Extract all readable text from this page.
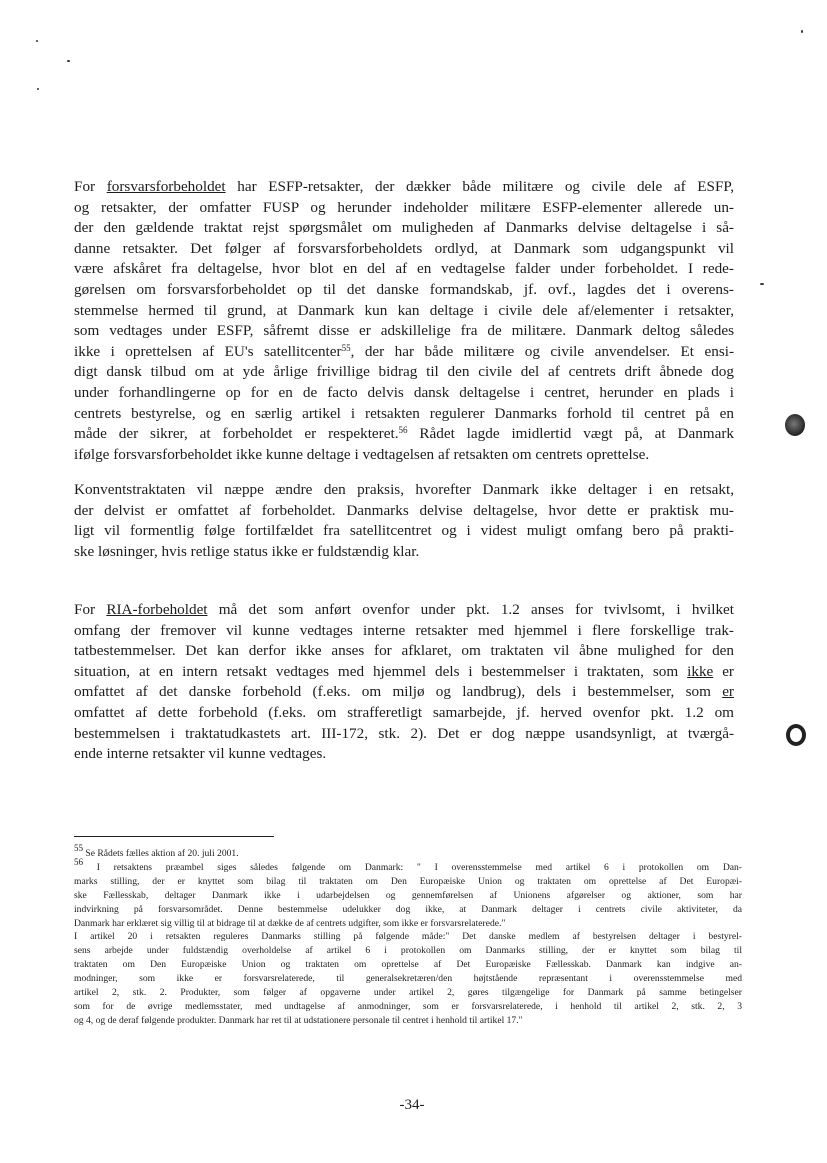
For forsvarsforbeholdet har ESFP-retsakter, der dækker både militære og civile dele af ESFP,
og retsakter, der omfatter FUSP og herunder indeholder militære ESFP-elementer allerede un-
der den gældende traktat rejst spørgsmålet om muligheden af Danmarks delvise deltagelse i så-
danne retsakter. Det følger af forsvarsforbeholdets ordlyd, at Danmark som udgangspunkt vil
være afskåret fra deltagelse, hvor blot en del af en vedtagelse falder under forbeholdet. I rede-
gørelsen om forsvarsforbeholdet op til det danske formandskab, jf. ovf., lagdes det i overens-
stemmelse hermed til grund, at Danmark kun kan deltage i civile dele af/elementer i retsakter,
som vedtages under ESFP, såfremt disse er adskillelige fra de militære. Danmark deltog således
ikke i oprettelsen af EU's satellitcenter$^{55}$, der har både militære og civile anvendelser. Et ensi-
digt dansk tilbud om at yde årlige frivillige bidrag til den civile del af centrets drift åbnede dog
under forhandlingerne op for en de facto delvis dansk deltagelse i centret, herunder en plads i
centrets bestyrelse, og en særlig artikel i retsakten regulerer Danmarks forhold til centret på en
måde der sikrer, at forbeholdet er respekteret.$^{56}$ Rådet lagde imidlertid vægt på, at Danmark
ifølge forsvarsforbeholdet ikke kunne deltage i vedtagelsen af retsakten om centrets oprettelse.

Konventstraktaten vil næppe ændre den praksis, hvorefter Danmark ikke deltager i en retsakt,
der delvist er omfattet af forbeholdet. Danmarks delvise deltagelse, hvor dette er praktisk mu-
ligt vil formentlig følge fortilfældet fra satellitcentret og i videst muligt omfang bero på prakti-
ske løsninger, hvis retlige status ikke er fuldstændig klar.

For RIA-forbeholdet må det som anført ovenfor under pkt. 1.2 anses for tvivlsomt, i hvilket
omfang der fremover vil kunne vedtages interne retsakter med hjemmel i flere forskellige trak-
tatbestemmelser. Det kan derfor ikke anses for afklaret, om traktaten vil åbne mulighed for den
situation, at en intern retsakt vedtages med hjemmel dels i bestemmelser i traktaten, som ikke er
omfattet af det danske forbehold (f.eks. om miljø og landbrug), dels i bestemmelser, som er
omfattet af dette forbehold (f.eks. om strafferetligt samarbejde, jf. herved ovenfor pkt. 1.2 om
bestemmelsen i traktatudkastets art. III-172, stk. 2). Det er dog næppe usandsynligt, at tværgå-
ende interne retsakter vil kunne vedtages.

$^{55}$ Se Rådets fælles aktion af 20. juli 2001.
$^{56}$ I retsaktens præambel siges således følgende om Danmark: " I overensstemmelse med artikel 6 i protokollen om Dan-
marks stilling, der er knyttet som bilag til traktaten om Den Europæiske Union og traktaten om oprettelse af Det Europæi-
ske Fællesskab, deltager Danmark ikke i udarbejdelsen og gennemførelsen af Unionens afgørelser og aktioner, som har
indvirkning på forsvarsområdet. Denne bestemmelse udelukker dog ikke, at Danmark deltager i centrets civile aktiviteter, da
Danmark har erklæret sig villig til at bidrage til at dække de af centrets udgifter, som ikke er forsvarsrelaterede."
I artikel 20 i retsakten reguleres Danmarks stilling på følgende måde:" Det danske medlem af bestyrelsen deltager i bestyrel-
sens arbejde under fuldstændig overholdelse af artikel 6 i protokollen om Danmarks stilling, der er knyttet som bilag til
traktaten om Den Europæiske Union og traktaten om oprettelse af Det Europæiske Fællesskab. Danmark kan indgive an-
modninger, som ikke er forsvarsrelaterede, til generalsekretæren/den højtstående repræsentant i overensstemmelse med
artikel 2, stk. 2. Produkter, som følger af opgaverne under artikel 2, gøres tilgængelige for Danmark på samme betingelser
som for de øvrige medlemsstater, med undtagelse af anmodninger, som er forsvarsrelaterede, i henhold til artikel 2, stk. 2, 3
og 4, og de deraf følgende produkter. Danmark har ret til at udstationere personale til centret i henhold til artikel 17."
-34-
